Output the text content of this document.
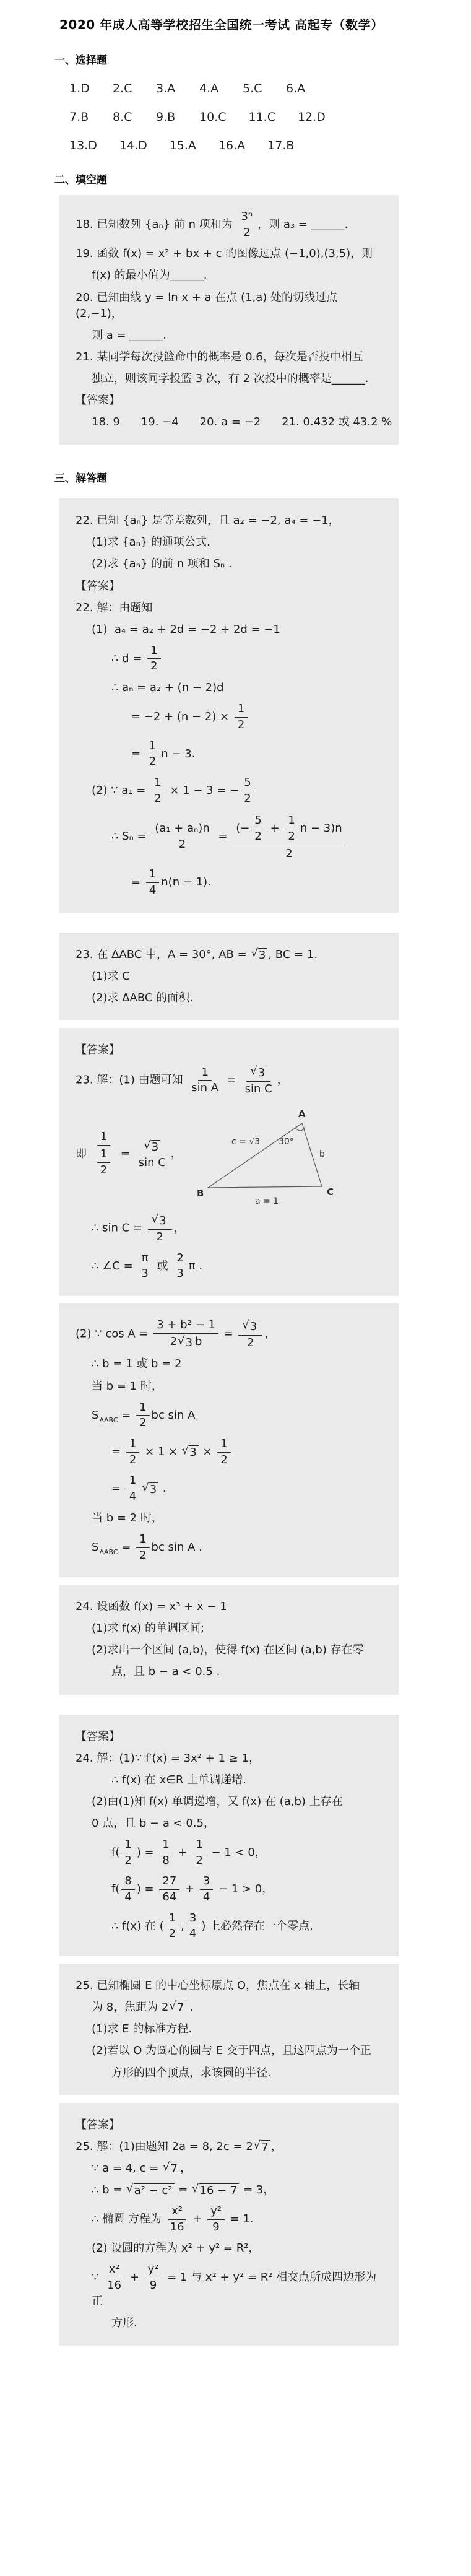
2020 年成人高等学校招生全国统一考试 高起专（数学）
一、选择题
1.D 2.C 3.A 4.A 5.C 6.A
7.B 8.C 9.B 10.C 11.C 12.D
13.D 14.D 15.A 16.A 17.B
二、填空题
18. 已知数列 {aₙ} 前 n 项和为 $\frac{\text{3ⁿ}}{2}$ ，则 a₃ = ______.
19. 函数 f(x) = x² + bx + c 的图像过点 (−1,0),(3,5)，则
f(x) 的最小值为______.
20. 已知曲线 y = ln x + a 在点 (1,a) 处的切线过点 (2,−1)，
则 a = ______.
21. 某同学每次投篮命中的概率是 0.6，每次是否投中相互
独立，则该同学投篮 3 次，有 2 次投中的概率是______.
【答案】
18. 9 19. −4 20. a = −2 21. 0.432 或 43.2 %
三、解答题
22. 已知 {aₙ} 是等差数列，且 a₂ = −2, a₄ = −1，
(1)求 {aₙ} 的通项公式.
(2)求 {aₙ} 的前 n 项和 Sₙ .
【答案】
22. 解：由题知
(1)  a₄ = a₂ + 2d = −2 + 2d = −1
∴ $d = \frac{1}{2}$
∴ aₙ = a₂ + (n − 2)d
= $-2 + (n - 2) \times \frac{1}{2}$
= $\frac{1}{2}$ n − 3.
(2) ∵ $a_1 = \frac{1}{2} \times 1 - 3$ = − $\frac{5}{2}$
∴ $S_n = \frac{\text{(a₁ + aₙ)n}}{2} = \frac{(- \frac{5}{2} + \frac{1}{2} n - 3)n}{2}$
= $\frac{1}{4} n(n - 1)$.
23. 在 ΔABC 中，A = 30°, AB = √ 3 , BC = 1.
(1)求 C
(2)求 ΔABC 的面积.
【答案】
23. 解：(1) 由题可知 $\frac{1}{\text{sin A}} = \frac{√ 3}{\text{sin C}}$ ，
即 $\frac{1}{\frac{1}{2}} = \frac{√ 3}{\text{sin C}}$ ，
A
B	C
c = √3 30°
b
a = 1
∴ $\sin C = \frac{√ 3}{2}$ ，
∴ ∠C = $\frac{\pi}{3}$ 或 $\frac{2}{3}$ π .
(2) ∵ $\cos A = \frac{\text{3 + b² − 1}}{2 √ 3 b} = \frac{√ 3}{2}$ ，
∴ b = 1 或 b = 2
当 b = 1 时，
$S_{\Delta ABC} = \frac{1}{2}$ bc sin A
= $\frac{1}{2} \times 1$ × √ $3 \times \frac{1}{2}$
= $\frac{1}{4}$ √ 3 .
当 b = 2 时，
$S_{\Delta ABC} = \frac{1}{2}$ bc sin A .
24. 设函数 f(x) = x³ + x − 1
(1)求 f(x) 的单调区间;
(2)求出一个区间 (a,b)，使得 f(x) 在区间 (a,b) 存在零
点，且 b − a < 0.5 .
【答案】
24. 解：(1)∵ f′(x) = 3x² + 1 ≥ 1，
∴ f(x) 在 x∈R 上单调递增.
(2)由(1)知 f(x) 单调递增，又 f(x) 在 (a,b) 上存在
0 点，且 b − a < 0.5，
$f( \frac{1}{2}$ ) = $\frac{1}{8} + \frac{1}{2} - 1 < 0$，
$f( \frac{8}{4}$ ) = $\frac{27}{64} + \frac{3}{4} - 1 > 0$，
∴ f(x) 在 ( $\frac{1}{2}$ , $\frac{3}{4}$ ) 上必然存在一个零点.
25. 已知椭圆 E 的中心坐标原点 O，焦点在 x 轴上，长轴
为 8，焦距为 2 √ 7 .
(1)求 E 的标准方程.
(2)若以 O 为圆心的圆与 E 交于四点，且这四点为一个正
方形的四个顶点，求该圆的半径.
【答案】
25. 解：(1)由题知 2a = 8, 2c = 2 √ 7 ，
∵ a = 4, c = √ 7 ，
∴ b = √ a² − c² = √ 16 − 7 = 3，
∴ 椭圆 方程为 $\frac{\text{x²}}{16} + \frac{\text{y²}}{9} = 1$.
(2) 设圆的方程为 x² + y² = R²，
∵ $\frac{\text{x²}}{16} + \frac{\text{y²}}{9} = 1$ 与 x² + y² = R² 相交点所成四边形为正
方形.
